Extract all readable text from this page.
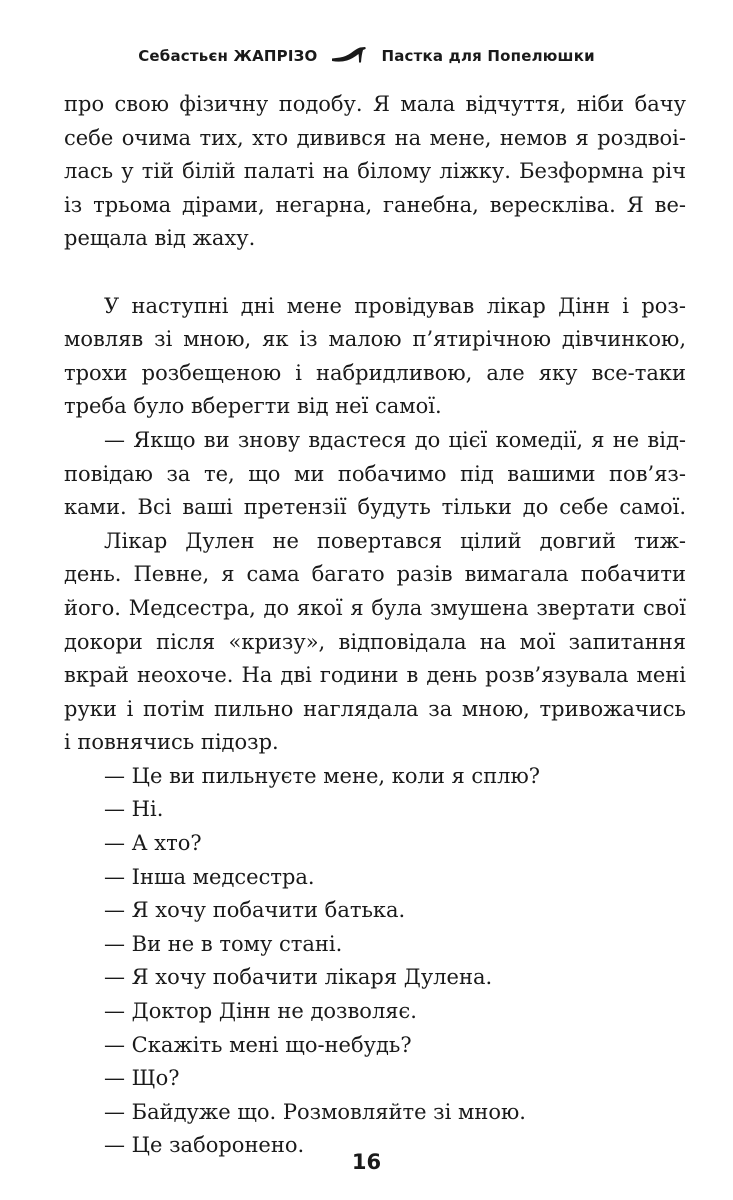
Себастьєн ЖАПРІЗО	Пастка для Попелюшки
про свою фізичну подобу. Я мала відчуття, ніби бачу
себе очима тих, хто дивився на мене, немов я роздвоі-
лась у тій білій палаті на білому ліжку. Безформна річ
із трьома дірами, негарна, ганебна, верескліва. Я ве-
рещала від жаху.
У наступні дні мене провідував лікар Дінн і роз-
мовляв зі мною, як із малою п’ятирічною дівчинкою,
трохи розбещеною і набридливою, але яку все-таки
треба було вберегти від неї самої.
— Якщо ви знову вдастеся до цієї комедії, я не від-
повідаю за те, що ми побачимо під вашими пов’яз-
ками. Всі ваші претензії будуть тільки до себе самої.
Лікар Дулен не повертався цілий довгий тиж-
день. Певне, я сама багато разів вимагала побачити
його. Медсестра, до якої я була змушена звертати свої
докори після «кризу», відповідала на мої запитання
вкрай неохоче. На дві години в день розв’язувала мені
руки і потім пильно наглядала за мною, тривожачись
і повнячись підозр.
— Це ви пильнуєте мене, коли я сплю?
— Ні.
— А хто?
— Інша медсестра.
— Я хочу побачити батька.
— Ви не в тому стані.
— Я хочу побачити лікаря Дулена.
— Доктор Дінн не дозволяє.
— Скажіть мені що-небудь?
— Що?
— Байдуже що. Розмовляйте зі мною.
— Це заборонено.
16
